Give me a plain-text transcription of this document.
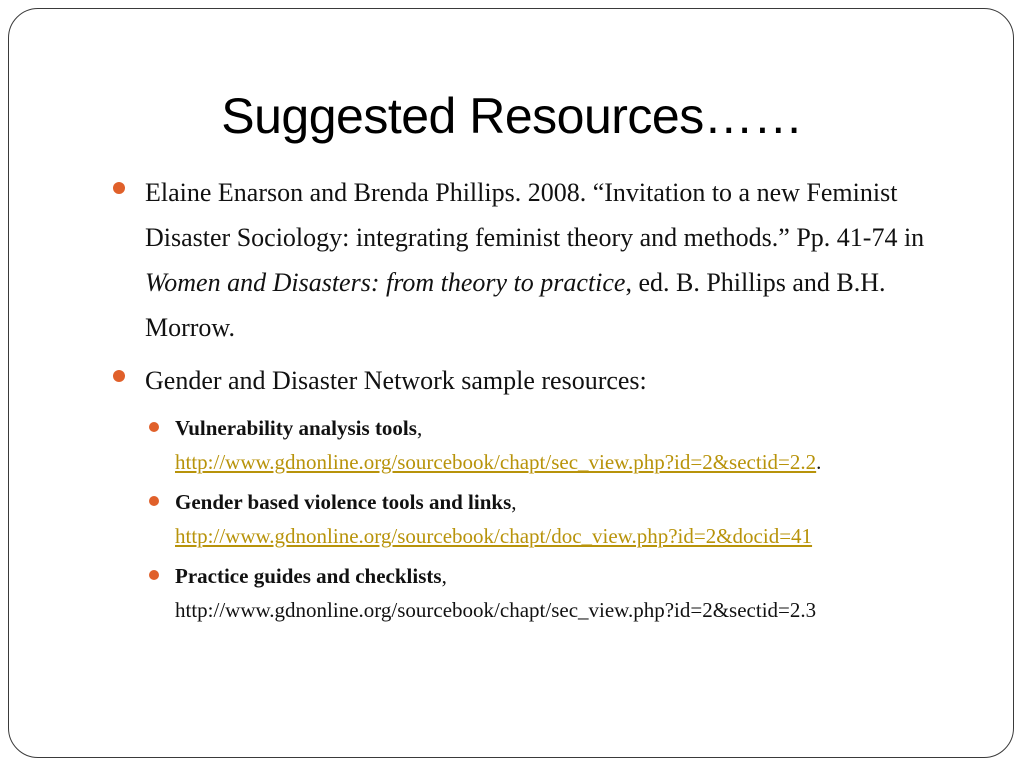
Suggested Resources……
Elaine Enarson and Brenda Phillips. 2008. “Invitation to a new Feminist Disaster Sociology: integrating feminist theory and methods.” Pp. 41-74 in Women and Disasters: from theory to practice, ed. B. Phillips and B.H. Morrow.
Gender and Disaster Network sample resources:
Vulnerability analysis tools,
http://www.gdnonline.org/sourcebook/chapt/sec_view.php?id=2&sectid=2.2.
Gender based violence tools and links,
http://www.gdnonline.org/sourcebook/chapt/doc_view.php?id=2&docid=41
Practice guides and checklists,
http://www.gdnonline.org/sourcebook/chapt/sec_view.php?id=2&sectid=2.3
